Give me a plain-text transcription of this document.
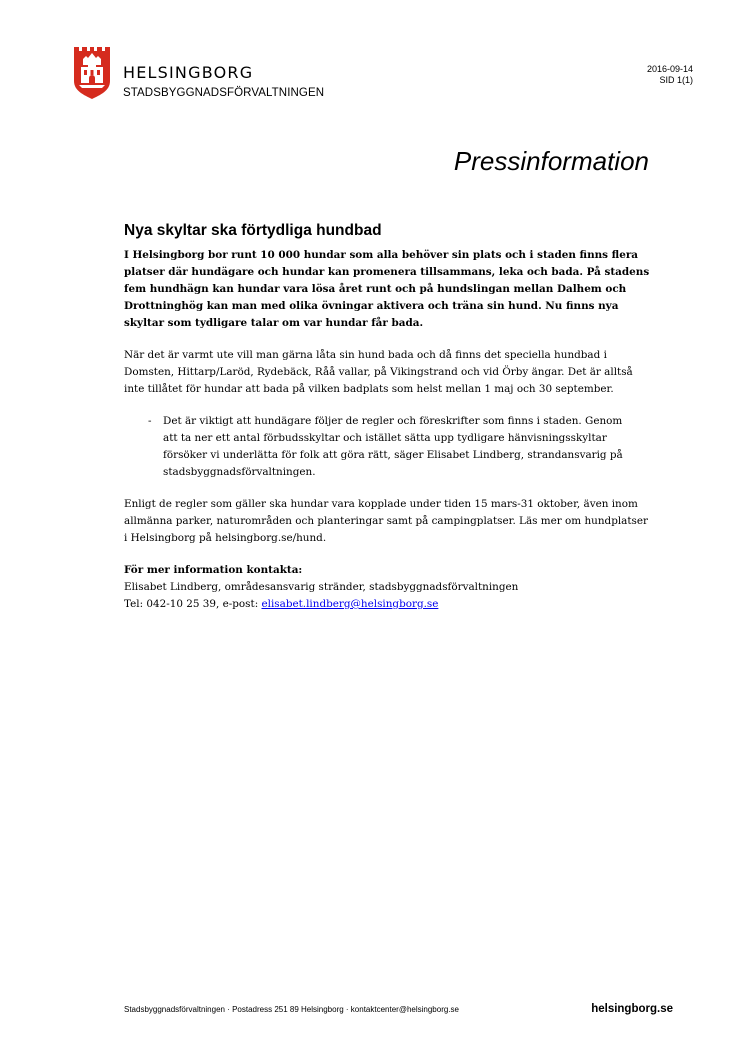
HELSINGBORG
STADSBYGGNADSFÖRVALTNINGEN
2016-09-14
SID 1(1)
Pressinformation
Nya skyltar ska förtydliga hundbad

I Helsingborg bor runt 10 000 hundar som alla behöver sin plats och i staden finns flera platser där hundägare och hundar kan promenera tillsammans, leka och bada. På stadens fem hundhägn kan hundar vara lösa året runt och på hundslingan mellan Dalhem och Drottninghög kan man med olika övningar aktivera och träna sin hund. Nu finns nya skyltar som tydligare talar om var hundar får bada.

När det är varmt ute vill man gärna låta sin hund bada och då finns det speciella hundbad i Domsten, Hittarp/Laröd, Rydebäck, Råå vallar, på Vikingstrand och vid Örby ängar. Det är alltså inte tillåtet för hundar att bada på vilken badplats som helst mellan 1 maj och 30 september.

-	Det är viktigt att hundägare följer de regler och föreskrifter som finns i staden. Genom att ta ner ett antal förbudsskyltar och istället sätta upp tydligare hänvisningsskyltar försöker vi underlätta för folk att göra rätt, säger Elisabet Lindberg, strandansvarig på stadsbyggnadsförvaltningen.

Enligt de regler som gäller ska hundar vara kopplade under tiden 15 mars-31 oktober, även inom allmänna parker, naturområden och planteringar samt på campingplatser. Läs mer om hundplatser i Helsingborg på helsingborg.se/hund.

För mer information kontakta:

Elisabet Lindberg, områdesansvarig stränder, stadsbyggnadsförvaltningen

Tel: 042-10 25 39, e-post: elisabet.lindberg@helsingborg.se

Stadsbyggnadsförvaltningen · Postadress 251 89 Helsingborg · kontaktcenter@helsingborg.se	helsingborg.se
